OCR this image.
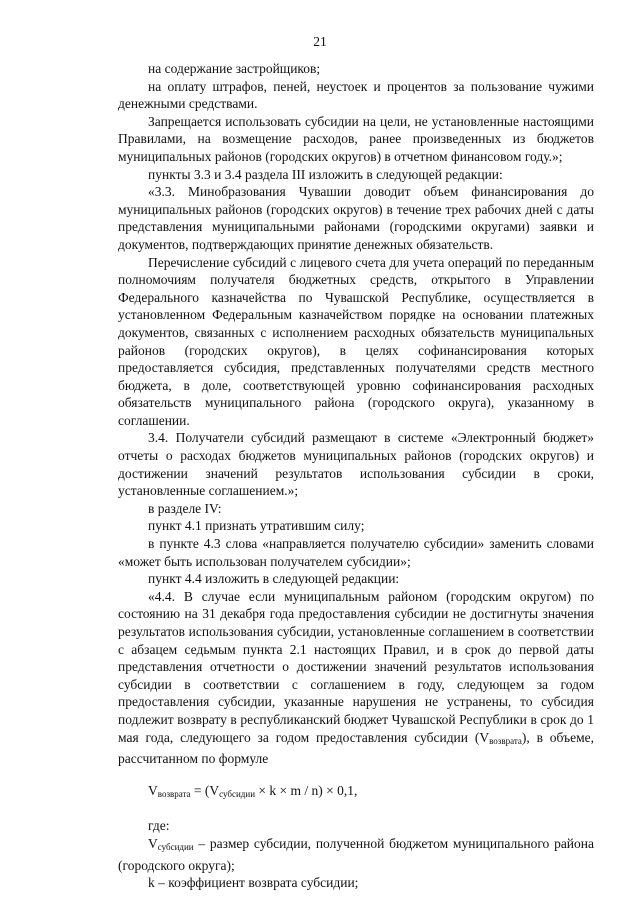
21

на содержание застройщиков;

на оплату штрафов, пеней, неустоек и процентов за пользование чужими денежными средствами.

Запрещается использовать субсидии на цели, не установленные настоящими Правилами, на возмещение расходов, ранее произведенных из бюджетов муниципальных районов (городских округов) в отчетном финансовом году.»;

пункты 3.3 и 3.4 раздела III изложить в следующей редакции:

«3.3. Минобразования Чувашии доводит объем финансирования до муниципальных районов (городских округов) в течение трех рабочих дней с даты представления муниципальными районами (городскими округами) заявки и документов, подтверждающих принятие денежных обязательств.

Перечисление субсидий с лицевого счета для учета операций по переданным полномочиям получателя бюджетных средств, открытого в Управлении Федерального казначейства по Чувашской Республике, осуществляется в установленном Федеральным казначейством порядке на основании платежных документов, связанных с исполнением расходных обязательств муниципальных районов (городских округов), в целях софинансирования которых предоставляется субсидия, представленных получателями средств местного бюджета, в доле, соответствующей уровню софинансирования расходных обязательств муниципального района (городского округа), указанному в соглашении.

3.4. Получатели субсидий размещают в системе «Электронный бюджет» отчеты о расходах бюджетов муниципальных районов (городских округов) и достижении значений результатов использования субсидии в сроки, установленные соглашением.»;

в разделе IV:

пункт 4.1 признать утратившим силу;

в пункте 4.3 слова «направляется получателю субсидии» заменить словами «может быть использован получателем субсидии»;

пункт 4.4 изложить в следующей редакции:

«4.4. В случае если муниципальным районом (городским округом) по состоянию на 31 декабря года предоставления субсидии не достигнуты значения результатов использования субсидии, установленные соглашением в соответствии с абзацем седьмым пункта 2.1 настоящих Правил, и в срок до первой даты представления отчетности о достижении значений результатов использования субсидии в соответствии с соглашением в году, следующем за годом предоставления субсидии, указанные нарушения не устранены, то субсидия подлежит возврату в республиканский бюджет Чувашской Республики в срок до 1 мая года, следующего за годом предоставления субсидии $(V_{возврата})$, в объеме, рассчитанном по формуле

$V_{возврата} = (V_{субсидии} \times k \times m / n) \times 0,1$,

где:

$V_{субсидии}$ – размер субсидии, полученной бюджетом муниципального района (городского округа);

k – коэффициент возврата субсидии;
